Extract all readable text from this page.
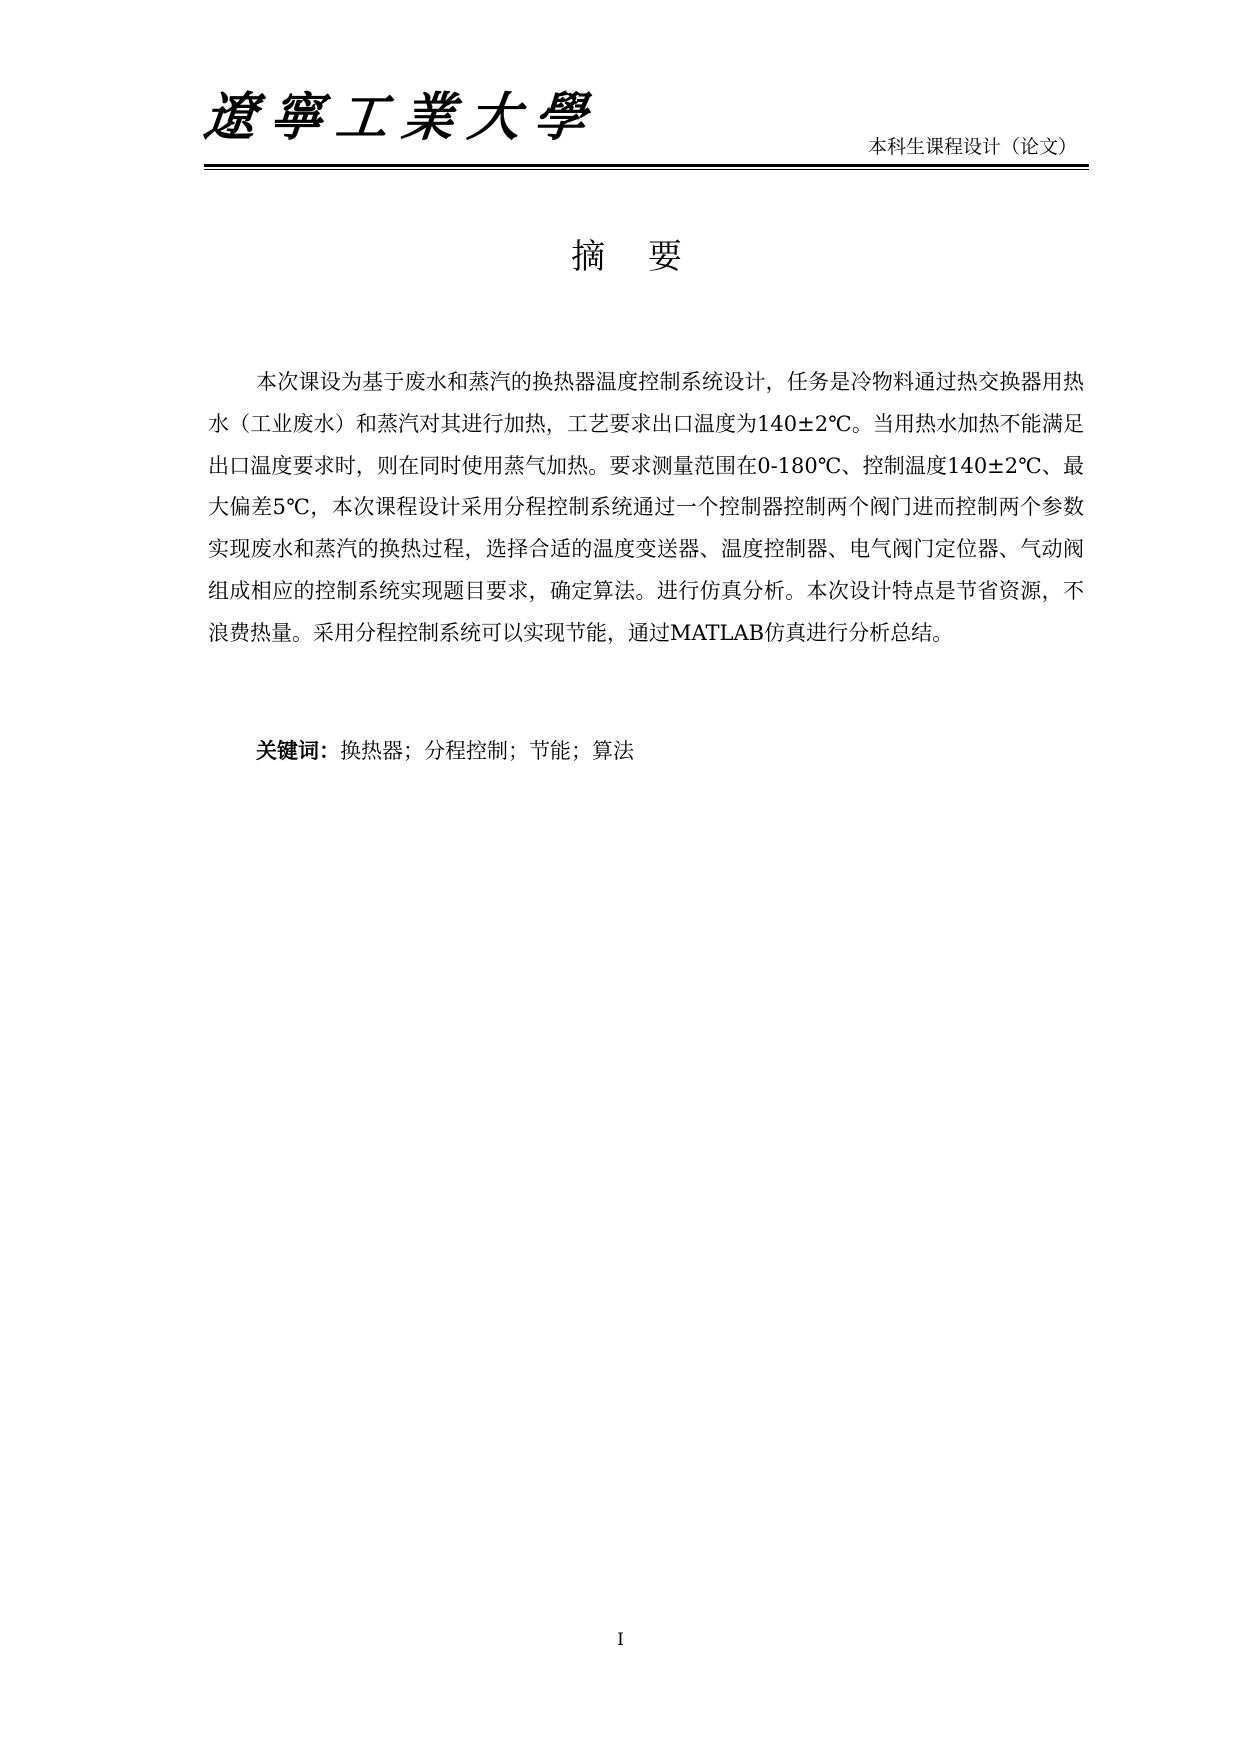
遼寧工業大學	本科生课程设计（论文）
摘 要

本次课设为基于废水和蒸汽的换热器温度控制系统设计，任务是冷物料通过热交换器用热水（工业废水）和蒸汽对其进行加热，工艺要求出口温度为140±2℃。当用热水加热不能满足出口温度要求时，则在同时使用蒸气加热。要求测量范围在0-180℃、控制温度140±2℃、最大偏差5℃，本次课程设计采用分程控制系统通过一个控制器控制两个阀门进而控制两个参数实现废水和蒸汽的换热过程，选择合适的温度变送器、温度控制器、电气阀门定位器、气动阀组成相应的控制系统实现题目要求，确定算法。进行仿真分析。本次设计特点是节省资源，不浪费热量。采用分程控制系统可以实现节能，通过MATLAB仿真进行分析总结。

关键词：换热器；分程控制；节能；算法
I
